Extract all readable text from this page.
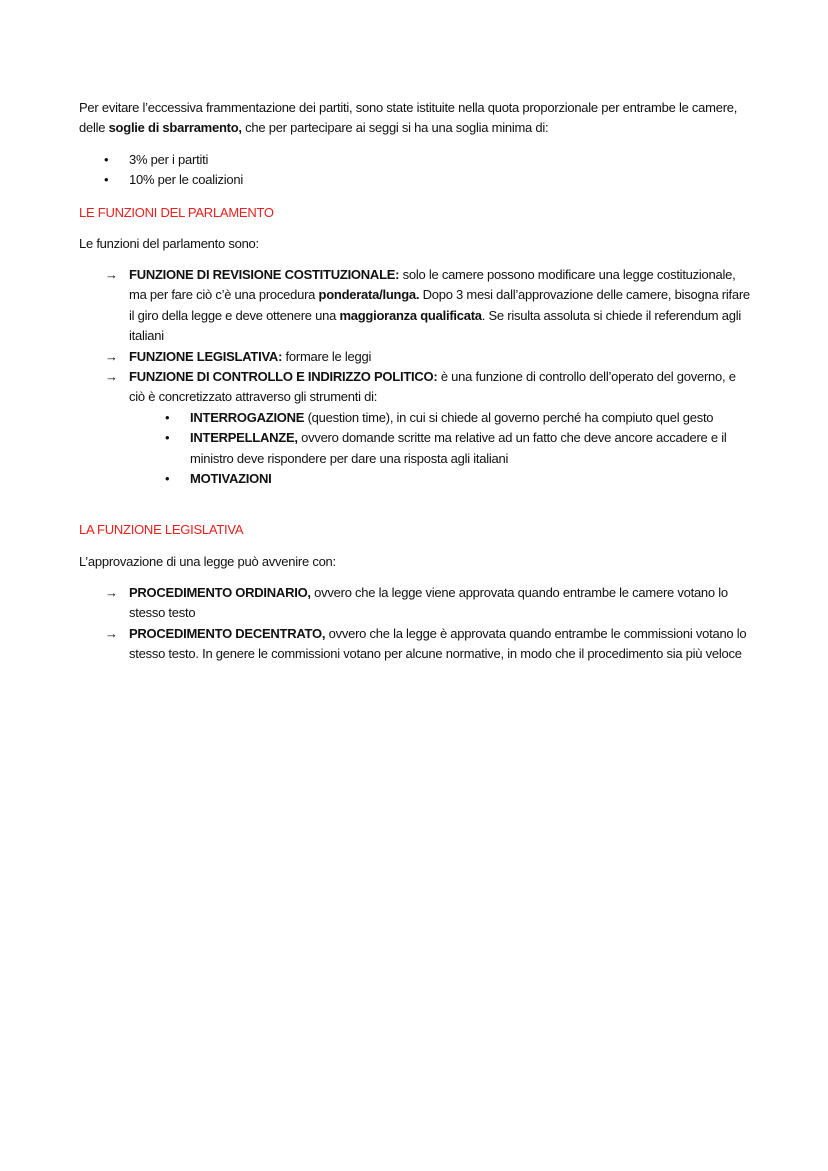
Per evitare l’eccessiva frammentazione dei partiti, sono state istituite nella quota proporzionale per entrambe le camere, delle soglie di sbarramento, che per partecipare ai seggi si ha una soglia minima di:
• 3% per i partiti
• 10% per le coalizioni
LE FUNZIONI DEL PARLAMENTO
Le funzioni del parlamento sono:
→ FUNZIONE DI REVISIONE COSTITUZIONALE: solo le camere possono modificare una legge costituzionale, ma per fare ciò c’è una procedura ponderata/lunga. Dopo 3 mesi dall’approvazione delle camere, bisogna rifare il giro della legge e deve ottenere una maggioranza qualificata. Se risulta assoluta si chiede il referendum agli italiani
→ FUNZIONE LEGISLATIVA: formare le leggi
→ FUNZIONE DI CONTROLLO E INDIRIZZO POLITICO: è una funzione di controllo dell’operato del governo, e ciò è concretizzato attraverso gli strumenti di:
• INTERROGAZIONE (question time), in cui si chiede al governo perché ha compiuto quel gesto
• INTERPELLANZE, ovvero domande scritte ma relative ad un fatto che deve ancore accadere e il ministro deve rispondere per dare una risposta agli italiani
• MOTIVAZIONI
LA FUNZIONE LEGISLATIVA
L’approvazione di una legge può avvenire con:
→ PROCEDIMENTO ORDINARIO, ovvero che la legge viene approvata quando entrambe le camere votano lo stesso testo
→ PROCEDIMENTO DECENTRATO, ovvero che la legge è approvata quando entrambe le commissioni votano lo stesso testo. In genere le commissioni votano per alcune normative, in modo che il procedimento sia più veloce
